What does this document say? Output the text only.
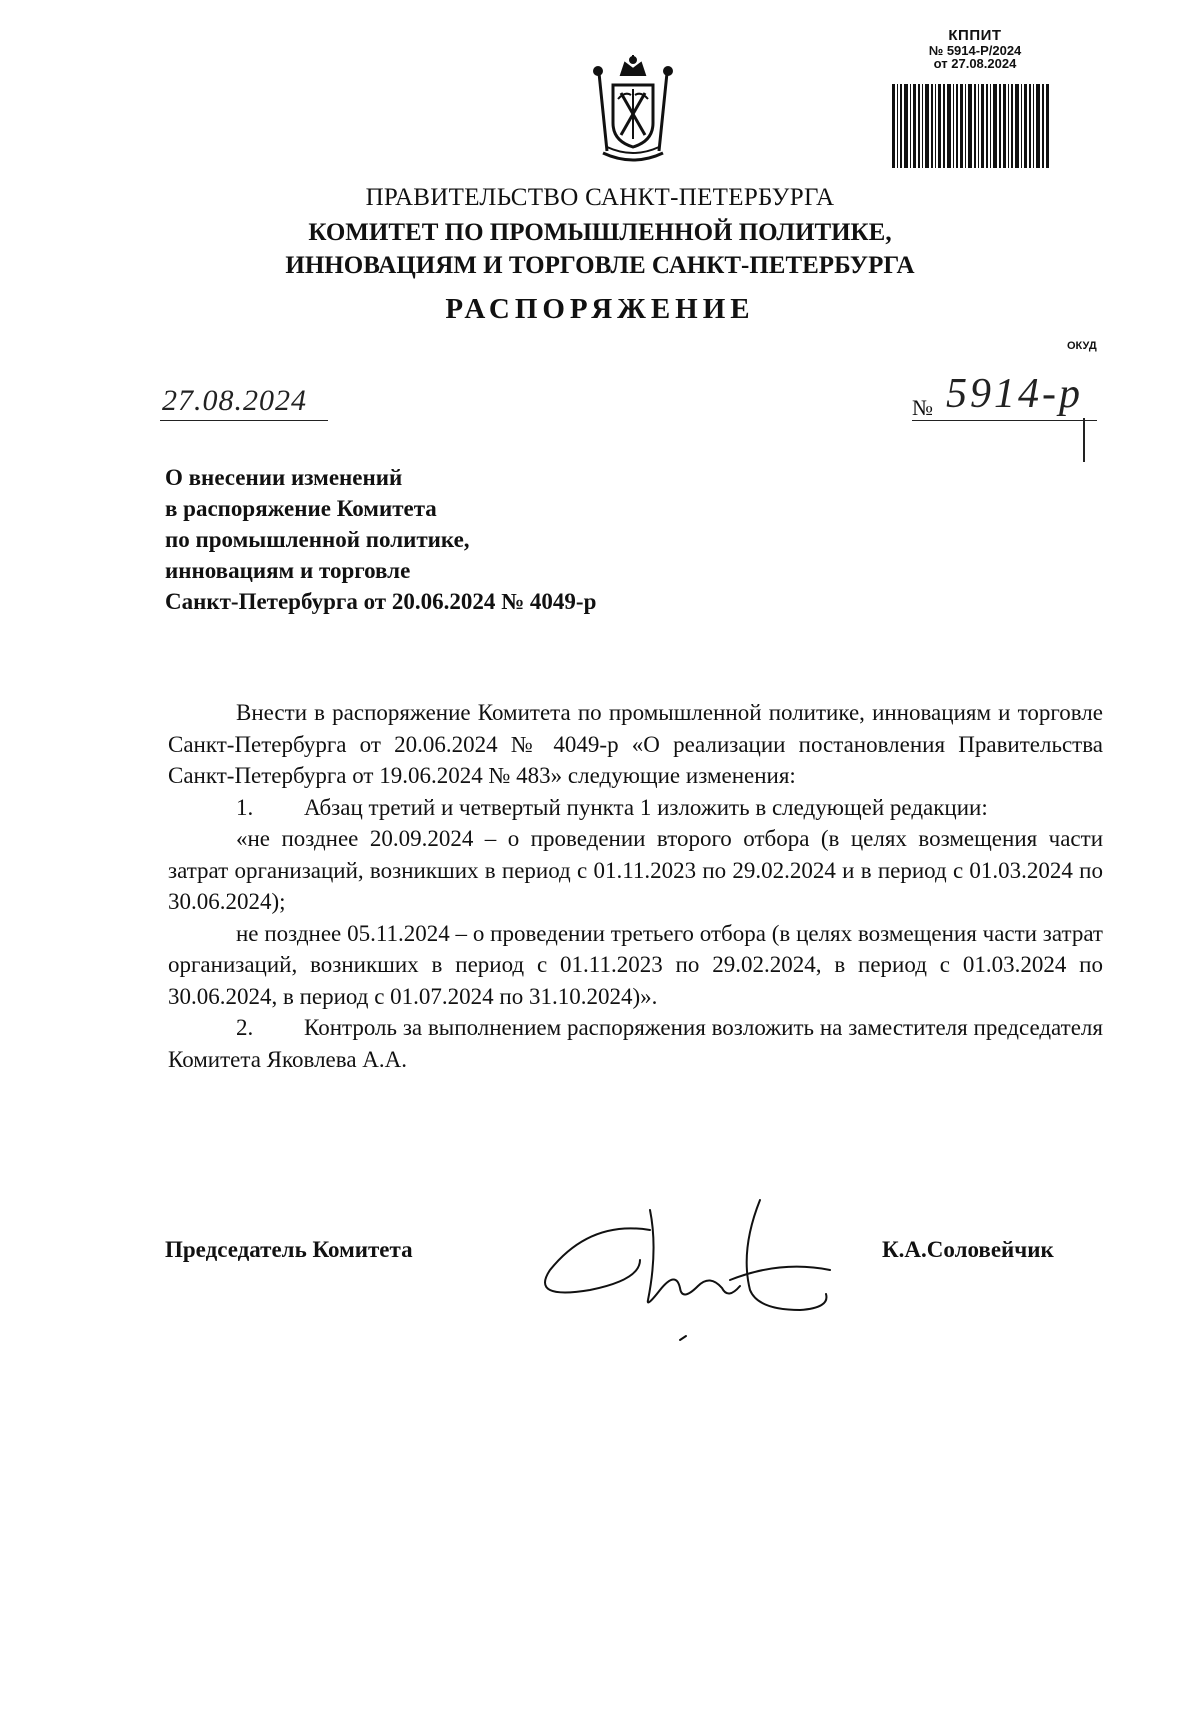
КППИТ
№ 5914-Р/2024
от 27.08.2024
ПРАВИТЕЛЬСТВО САНКТ-ПЕТЕРБУРГА
КОМИТЕТ ПО ПРОМЫШЛЕННОЙ ПОЛИТИКЕ,
ИННОВАЦИЯМ И ТОРГОВЛЕ САНКТ-ПЕТЕРБУРГА
РАСПОРЯЖЕНИЕ
ОКУД
27.08.2024	№ 5914-р
О внесении изменений
в распоряжение Комитета
по промышленной политике,
инновациям и торговле
Санкт-Петербурга от 20.06.2024 № 4049-р

Внести в распоряжение Комитета по промышленной политике, инновациям и торговле Санкт-Петербурга от 20.06.2024 № 4049-р «О реализации постановления Правительства Санкт-Петербурга от 19.06.2024 № 483» следующие изменения:

1. Абзац третий и четвертый пункта 1 изложить в следующей редакции:

«не позднее 20.09.2024 – о проведении второго отбора (в целях возмещения части затрат организаций, возникших в период с 01.11.2023 по 29.02.2024 и в период с 01.03.2024 по 30.06.2024);

не позднее 05.11.2024 – о проведении третьего отбора (в целях возмещения части затрат организаций, возникших в период с 01.11.2023 по 29.02.2024, в период с 01.03.2024 по 30.06.2024, в период с 01.07.2024 по 31.10.2024)».

2. Контроль за выполнением распоряжения возложить на заместителя председателя Комитета Яковлева А.А.

Председатель Комитета	К.А.Соловейчик
